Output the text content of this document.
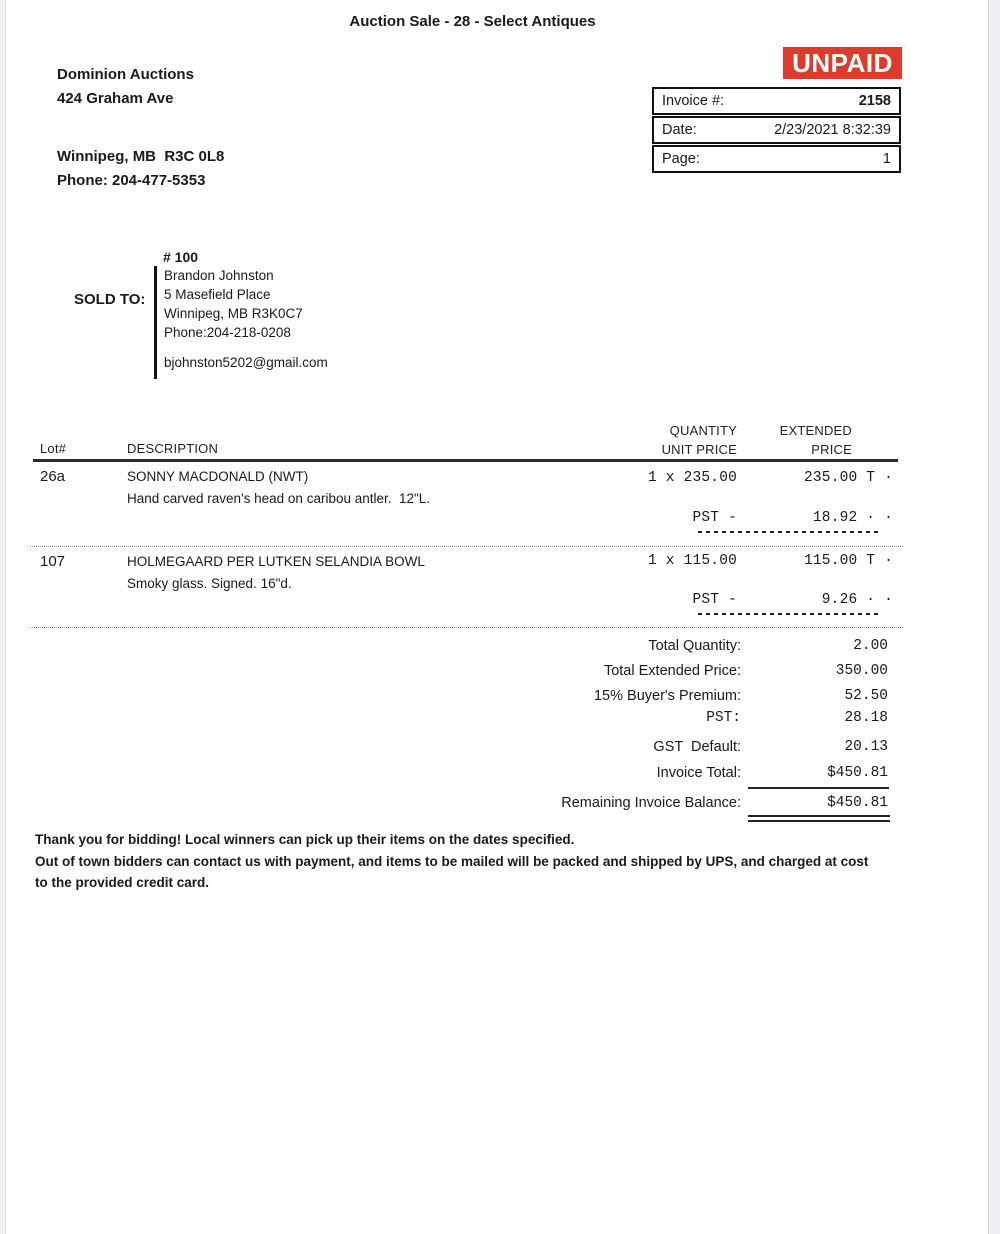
Auction Sale - 28 - Select Antiques
Dominion Auctions
424 Graham Ave
Winnipeg, MB  R3C 0L8
Phone: 204-477-5353
UNPAID

Invoice #:

	2158

Date:

	2/23/2021 8:32:39

Page:

	1

# 100
SOLD TO:
Brandon Johnston
5 Masefield Place
Winnipeg, MB R3K0C7
Phone:204-218-0208
bjohnston5202@gmail.com
Lot#	DESCRIPTION
QUANTITY
UNIT PRICE
EXTENDED
PRICE
26a	SONNY MACDONALD (NWT)
Hand carved raven's head on caribou antler.  12"L.
1 x 235.00	235.00 T ·
PST -	18.92 · ·
107	HOLMEGAARD PER LUTKEN SELANDIA BOWL
Smoky glass. Signed. 16"d.
1 x 115.00	115.00 T ·
PST -	9.26 · ·
Total Quantity:	2.00
Total Extended Price:	350.00
15% Buyer's Premium:	52.50
PST:	28.18
GST  Default:	20.13
Invoice Total:	$450.81
Remaining Invoice Balance:	$450.81
Thank you for bidding! Local winners can pick up their items on the dates specified.
Out of town bidders can contact us with payment, and items to be mailed will be packed and shipped by UPS, and charged at cost
to the provided credit card.
